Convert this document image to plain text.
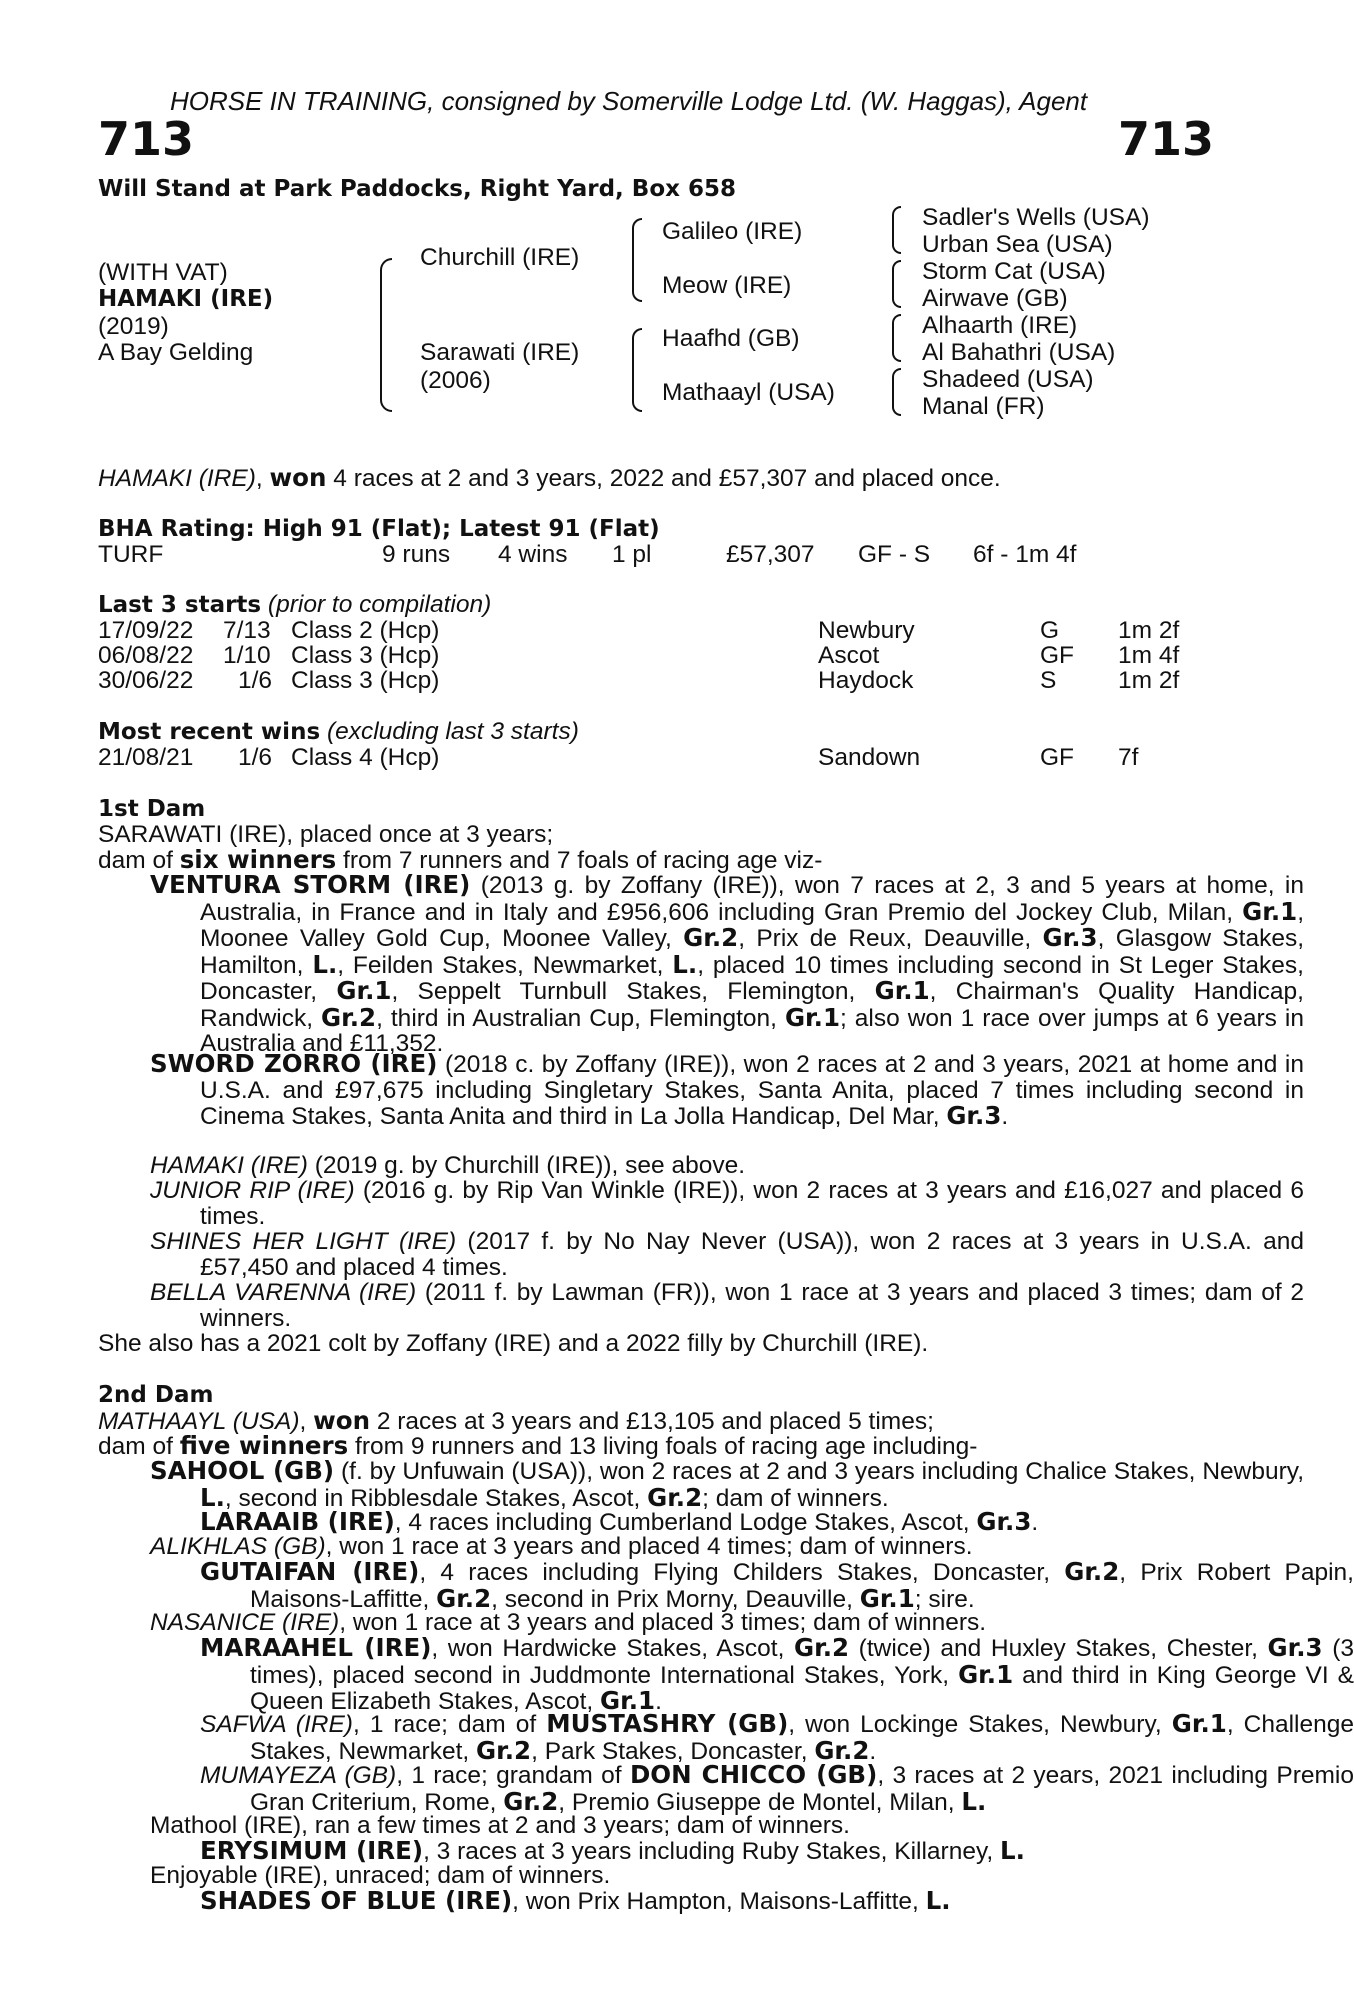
HORSE IN TRAINING, consigned by Somerville Lodge Ltd. (W. Haggas), Agent
713	713
Will Stand at Park Paddocks, Right Yard, Box 658
(WITH VAT)
HAMAKI (IRE)
(2019)
A Bay Gelding
Churchill (IRE)
Sarawati (IRE)
(2006)
Galileo (IRE)
Meow (IRE)
Haafhd (GB)
Mathaayl (USA)
Sadler's Wells (USA)
Urban Sea (USA)
Storm Cat (USA)
Airwave (GB)
Alhaarth (IRE)
Al Bahathri (USA)
Shadeed (USA)
Manal (FR)
HAMAKI (IRE), won 4 races at 2 and 3 years, 2022 and £57,307 and placed once.
BHA Rating: High 91 (Flat); Latest 91 (Flat)
TURF	9 runs 4 wins 1 pl	£57,307 GF - S 6f - 1m 4f
Last 3 starts (prior to compilation)
17/09/22 7/13 Class 2 (Hcp)	Newbury	G 1m 2f
06/08/22 1/10 Class 3 (Hcp)	Ascot	GF 1m 4f
30/06/22 1/6 Class 3 (Hcp)	Haydock	S	1m 2f
Most recent wins (excluding last 3 starts)
21/08/21 1/6 Class 4 (Hcp)	Sandown	GF 7f
1st Dam
SARAWATI (IRE), placed once at 3 years;
dam of six winners from 7 runners and 7 foals of racing age viz-
VENTURA STORM (IRE) (2013 g. by Zoffany (IRE)), won 7 races at 2, 3 and 5 years at home, in Australia, in France and in Italy and £956,606 including Gran Premio del Jockey Club, Milan, Gr.1, Moonee Valley Gold Cup, Moonee Valley, Gr.2, Prix de Reux, Deauville, Gr.3, Glasgow Stakes, Hamilton, L., Feilden Stakes, Newmarket, L., placed 10 times including second in St Leger Stakes, Doncaster, Gr.1, Seppelt Turnbull Stakes, Flemington, Gr.1, Chairman's Quality Handicap, Randwick, Gr.2, third in Australian Cup, Flemington, Gr.1; also won 1 race over jumps at 6 years in Australia and £11,352.
SWORD ZORRO (IRE) (2018 c. by Zoffany (IRE)), won 2 races at 2 and 3 years, 2021 at home and in U.S.A. and £97,675 including Singletary Stakes, Santa Anita, placed 7 times including second in Cinema Stakes, Santa Anita and third in La Jolla Handicap, Del Mar, Gr.3.
HAMAKI (IRE) (2019 g. by Churchill (IRE)), see above.
JUNIOR RIP (IRE) (2016 g. by Rip Van Winkle (IRE)), won 2 races at 3 years and £16,027 and placed 6 times.
SHINES HER LIGHT (IRE) (2017 f. by No Nay Never (USA)), won 2 races at 3 years in U.S.A. and £57,450 and placed 4 times.
BELLA VARENNA (IRE) (2011 f. by Lawman (FR)), won 1 race at 3 years and placed 3 times; dam of 2 winners.
She also has a 2021 colt by Zoffany (IRE) and a 2022 filly by Churchill (IRE).
2nd Dam
MATHAAYL (USA), won 2 races at 3 years and £13,105 and placed 5 times;
dam of five winners from 9 runners and 13 living foals of racing age including-
SAHOOL (GB) (f. by Unfuwain (USA)), won 2 races at 2 and 3 years including Chalice Stakes, Newbury, L., second in Ribblesdale Stakes, Ascot, Gr.2; dam of winners.
LARAAIB (IRE), 4 races including Cumberland Lodge Stakes, Ascot, Gr.3.
ALIKHLAS (GB), won 1 race at 3 years and placed 4 times; dam of winners.
GUTAIFAN (IRE), 4 races including Flying Childers Stakes, Doncaster, Gr.2, Prix Robert Papin, Maisons-Laffitte, Gr.2, second in Prix Morny, Deauville, Gr.1; sire.
NASANICE (IRE), won 1 race at 3 years and placed 3 times; dam of winners.
MARAAHEL (IRE), won Hardwicke Stakes, Ascot, Gr.2 (twice) and Huxley Stakes, Chester, Gr.3 (3 times), placed second in Juddmonte International Stakes, York, Gr.1 and third in King George VI & Queen Elizabeth Stakes, Ascot, Gr.1.
SAFWA (IRE), 1 race; dam of MUSTASHRY (GB), won Lockinge Stakes, Newbury, Gr.1, Challenge Stakes, Newmarket, Gr.2, Park Stakes, Doncaster, Gr.2.
MUMAYEZA (GB), 1 race; grandam of DON CHICCO (GB), 3 races at 2 years, 2021 including Premio Gran Criterium, Rome, Gr.2, Premio Giuseppe de Montel, Milan, L.
Mathool (IRE), ran a few times at 2 and 3 years; dam of winners.
ERYSIMUM (IRE), 3 races at 3 years including Ruby Stakes, Killarney, L.
Enjoyable (IRE), unraced; dam of winners.
SHADES OF BLUE (IRE), won Prix Hampton, Maisons-Laffitte, L.
